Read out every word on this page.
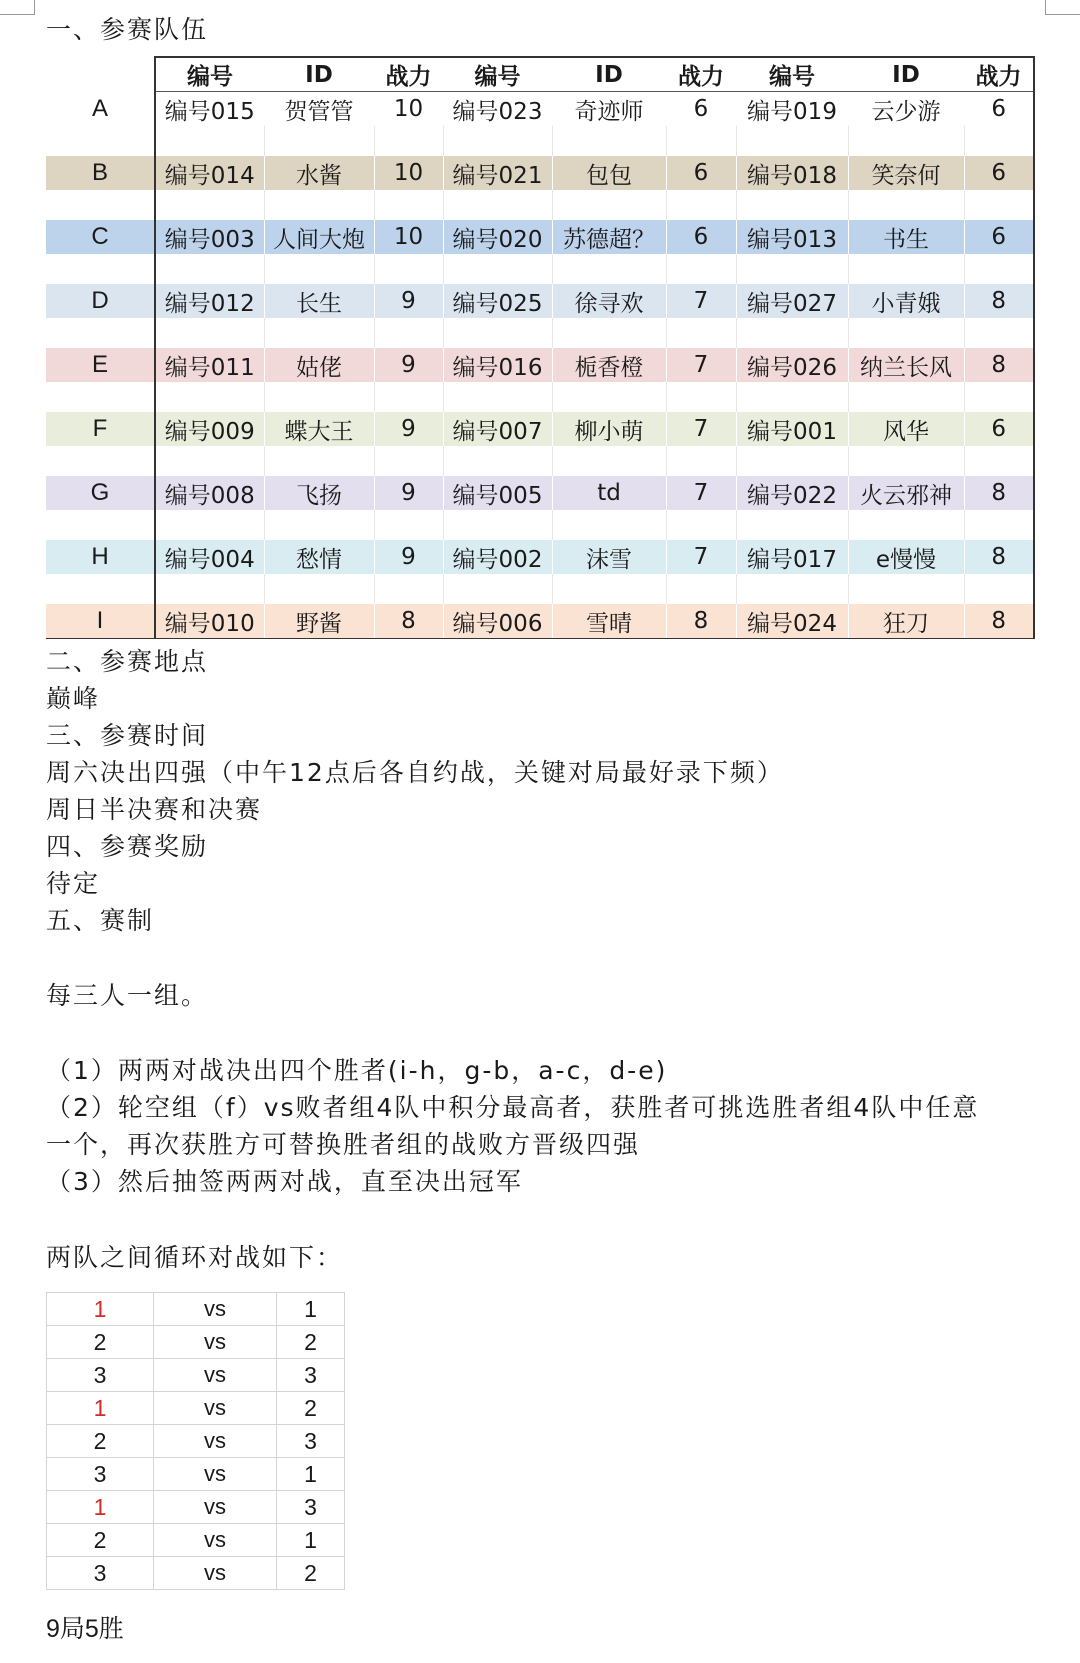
一、参赛队伍
	编号	ID	战力	编号	ID	战力	编号	ID	战力
A	编号015	贺管管	10	编号023	奇迹师	6	编号019	云少游	6

B	编号014	水酱	10	编号021	包包	6	编号018	笑奈何	6

C	编号003	人间大炮	10	编号020	苏德超？	6	编号013	书生	6

D	编号012	长生	9	编号025	徐寻欢	7	编号027	小青娥	8

E	编号011	姑佬	9	编号016	栀香橙	7	编号026	纳兰长风	8

F	编号009	蝶大王	9	编号007	柳小萌	7	编号001	风华	6

G	编号008	飞扬	9	编号005	td	7	编号022	火云邪神	8

H	编号004	愁情	9	编号002	沫雪	7	编号017	e慢慢	8

I	编号010	野酱	8	编号006	雪晴	8	编号024	狂刀	8
二、参赛地点
巅峰
三、参赛时间
周六决出四强（中午12点后各自约战，关键对局最好录下频）
周日半决赛和决赛
四、参赛奖励
待定
五、赛制
每三人一组。
（1）两两对战决出四个胜者(i-h，g-b，a-c，d-e)
（2）轮空组（f）vs败者组4队中积分最高者，获胜者可挑选胜者组4队中任意
一个，再次获胜方可替换胜者组的战败方晋级四强
（3）然后抽签两两对战，直至决出冠军
两队之间循环对战如下：
1	vs	1
2	vs	2
3	vs	3
1	vs	2
2	vs	3
3	vs	1
1	vs	3
2	vs	1
3	vs	2
9局5胜
